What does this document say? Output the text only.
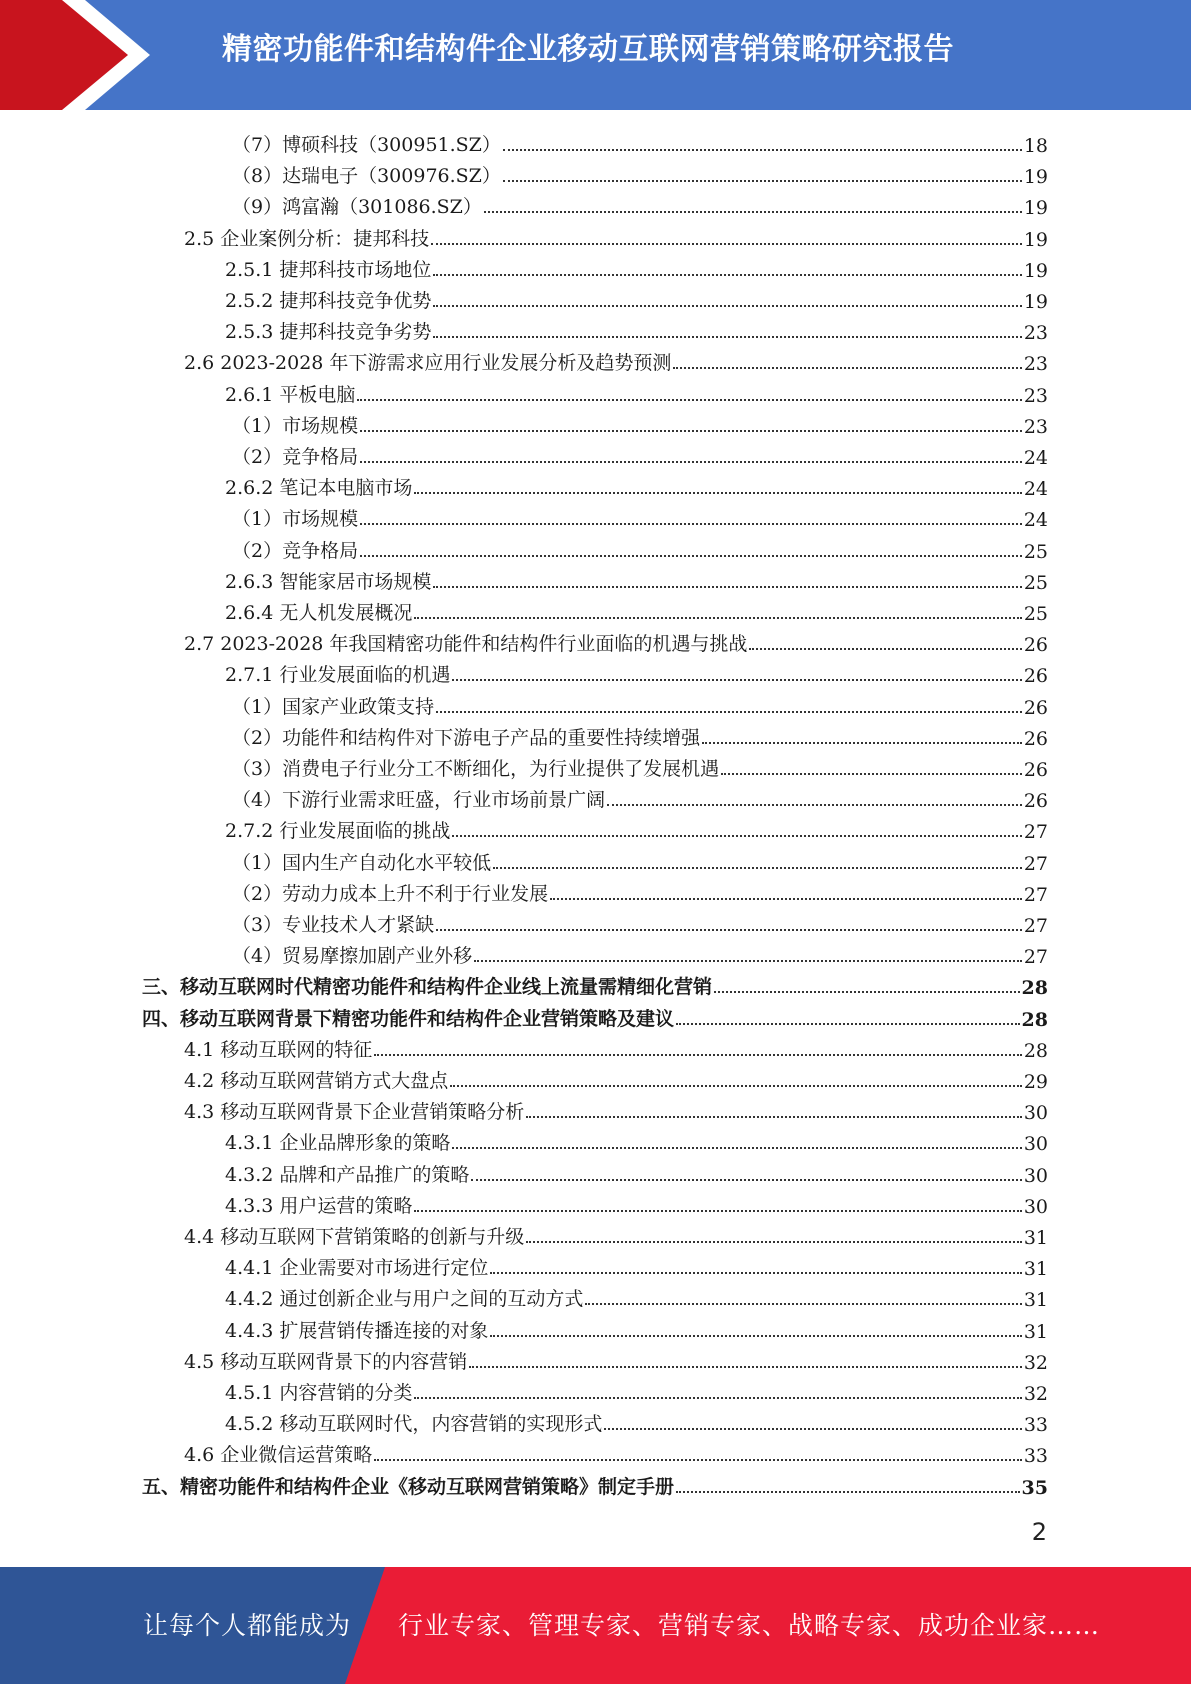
精密功能件和结构件企业移动互联网营销策略研究报告
（7）博硕科技（300951.SZ）	18
（8）达瑞电子（300976.SZ）	19
（9）鸿富瀚（301086.SZ）	19
2.5 企业案例分析：捷邦科技	19
2.5.1 捷邦科技市场地位	19
2.5.2 捷邦科技竞争优势	19
2.5.3 捷邦科技竞争劣势	23
2.6 2023-2028 年下游需求应用行业发展分析及趋势预测	23
2.6.1 平板电脑	23
（1）市场规模	23
（2）竞争格局	24
2.6.2 笔记本电脑市场	24
（1）市场规模	24
（2）竞争格局	25
2.6.3 智能家居市场规模	25
2.6.4 无人机发展概况	25
2.7 2023-2028 年我国精密功能件和结构件行业面临的机遇与挑战	26
2.7.1 行业发展面临的机遇	26
（1）国家产业政策支持	26
（2）功能件和结构件对下游电子产品的重要性持续增强	26
（3）消费电子行业分工不断细化，为行业提供了发展机遇	26
（4）下游行业需求旺盛，行业市场前景广阔	26
2.7.2 行业发展面临的挑战	27
（1）国内生产自动化水平较低	27
（2）劳动力成本上升不利于行业发展	27
（3）专业技术人才紧缺	27
（4）贸易摩擦加剧产业外移	27
三、移动互联网时代精密功能件和结构件企业线上流量需精细化营销	28
四、移动互联网背景下精密功能件和结构件企业营销策略及建议	28
4.1 移动互联网的特征	28
4.2 移动互联网营销方式大盘点	29
4.3 移动互联网背景下企业营销策略分析	30
4.3.1 企业品牌形象的策略	30
4.3.2 品牌和产品推广的策略	30
4.3.3 用户运营的策略	30
4.4 移动互联网下营销策略的创新与升级	31
4.4.1 企业需要对市场进行定位	31
4.4.2 通过创新企业与用户之间的互动方式	31
4.4.3 扩展营销传播连接的对象	31
4.5 移动互联网背景下的内容营销	32
4.5.1 内容营销的分类	32
4.5.2 移动互联网时代，内容营销的实现形式	33
4.6 企业微信运营策略	33
五、精密功能件和结构件企业《移动互联网营销策略》制定手册	35
2
让每个人都能成为 行业专家、管理专家、营销专家、战略专家、成功企业家……
